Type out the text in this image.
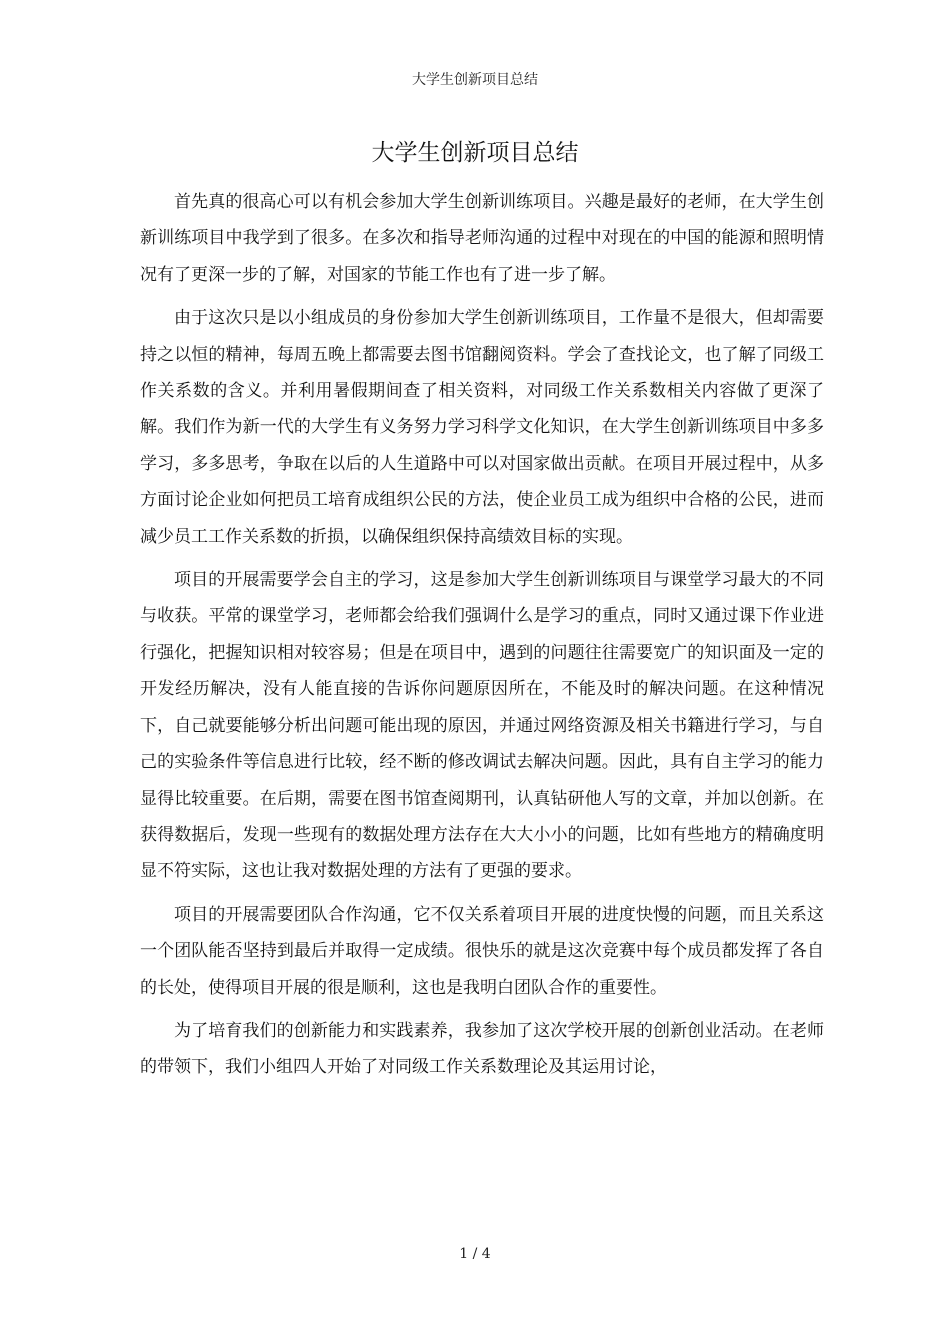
大学生创新项目总结
大学生创新项目总结

首先真的很高心可以有机会参加大学生创新训练项目。兴趣是最好的老师，在大学生创新训练项目中我学到了很多。在多次和指导老师沟通的过程中对现在的中国的能源和照明情况有了更深一步的了解，对国家的节能工作也有了进一步了解。

由于这次只是以小组成员的身份参加大学生创新训练项目，工作量不是很大，但却需要持之以恒的精神，每周五晚上都需要去图书馆翻阅资料。学会了查找论文，也了解了同级工作关系数的含义。并利用暑假期间查了相关资料，对同级工作关系数相关内容做了更深了解。我们作为新一代的大学生有义务努力学习科学文化知识，在大学生创新训练项目中多多学习，多多思考，争取在以后的人生道路中可以对国家做出贡献。在项目开展过程中，从多方面讨论企业如何把员工培育成组织公民的方法，使企业员工成为组织中合格的公民，进而减少员工工作关系数的折损，以确保组织保持高绩效目标的实现。

项目的开展需要学会自主的学习，这是参加大学生创新训练项目与课堂学习最大的不同与收获。平常的课堂学习，老师都会给我们强调什么是学习的重点，同时又通过课下作业进行强化，把握知识相对较容易；但是在项目中，遇到的问题往往需要宽广的知识面及一定的开发经历解决，没有人能直接的告诉你问题原因所在，不能及时的解决问题。在这种情况下，自己就要能够分析出问题可能出现的原因，并通过网络资源及相关书籍进行学习，与自己的实验条件等信息进行比较，经不断的修改调试去解决问题。因此，具有自主学习的能力显得比较重要。在后期，需要在图书馆查阅期刊，认真钻研他人写的文章，并加以创新。在获得数据后，发现一些现有的数据处理方法存在大大小小的问题，比如有些地方的精确度明显不符实际，这也让我对数据处理的方法有了更强的要求。

项目的开展需要团队合作沟通，它不仅关系着项目开展的进度快慢的问题，而且关系这一个团队能否坚持到最后并取得一定成绩。很快乐的就是这次竞赛中每个成员都发挥了各自的长处，使得项目开展的很是顺利，这也是我明白团队合作的重要性。

为了培育我们的创新能力和实践素养，我参加了这次学校开展的创新创业活动。在老师的带领下，我们小组四人开始了对同级工作关系数理论及其运用讨论，

1 / 4
